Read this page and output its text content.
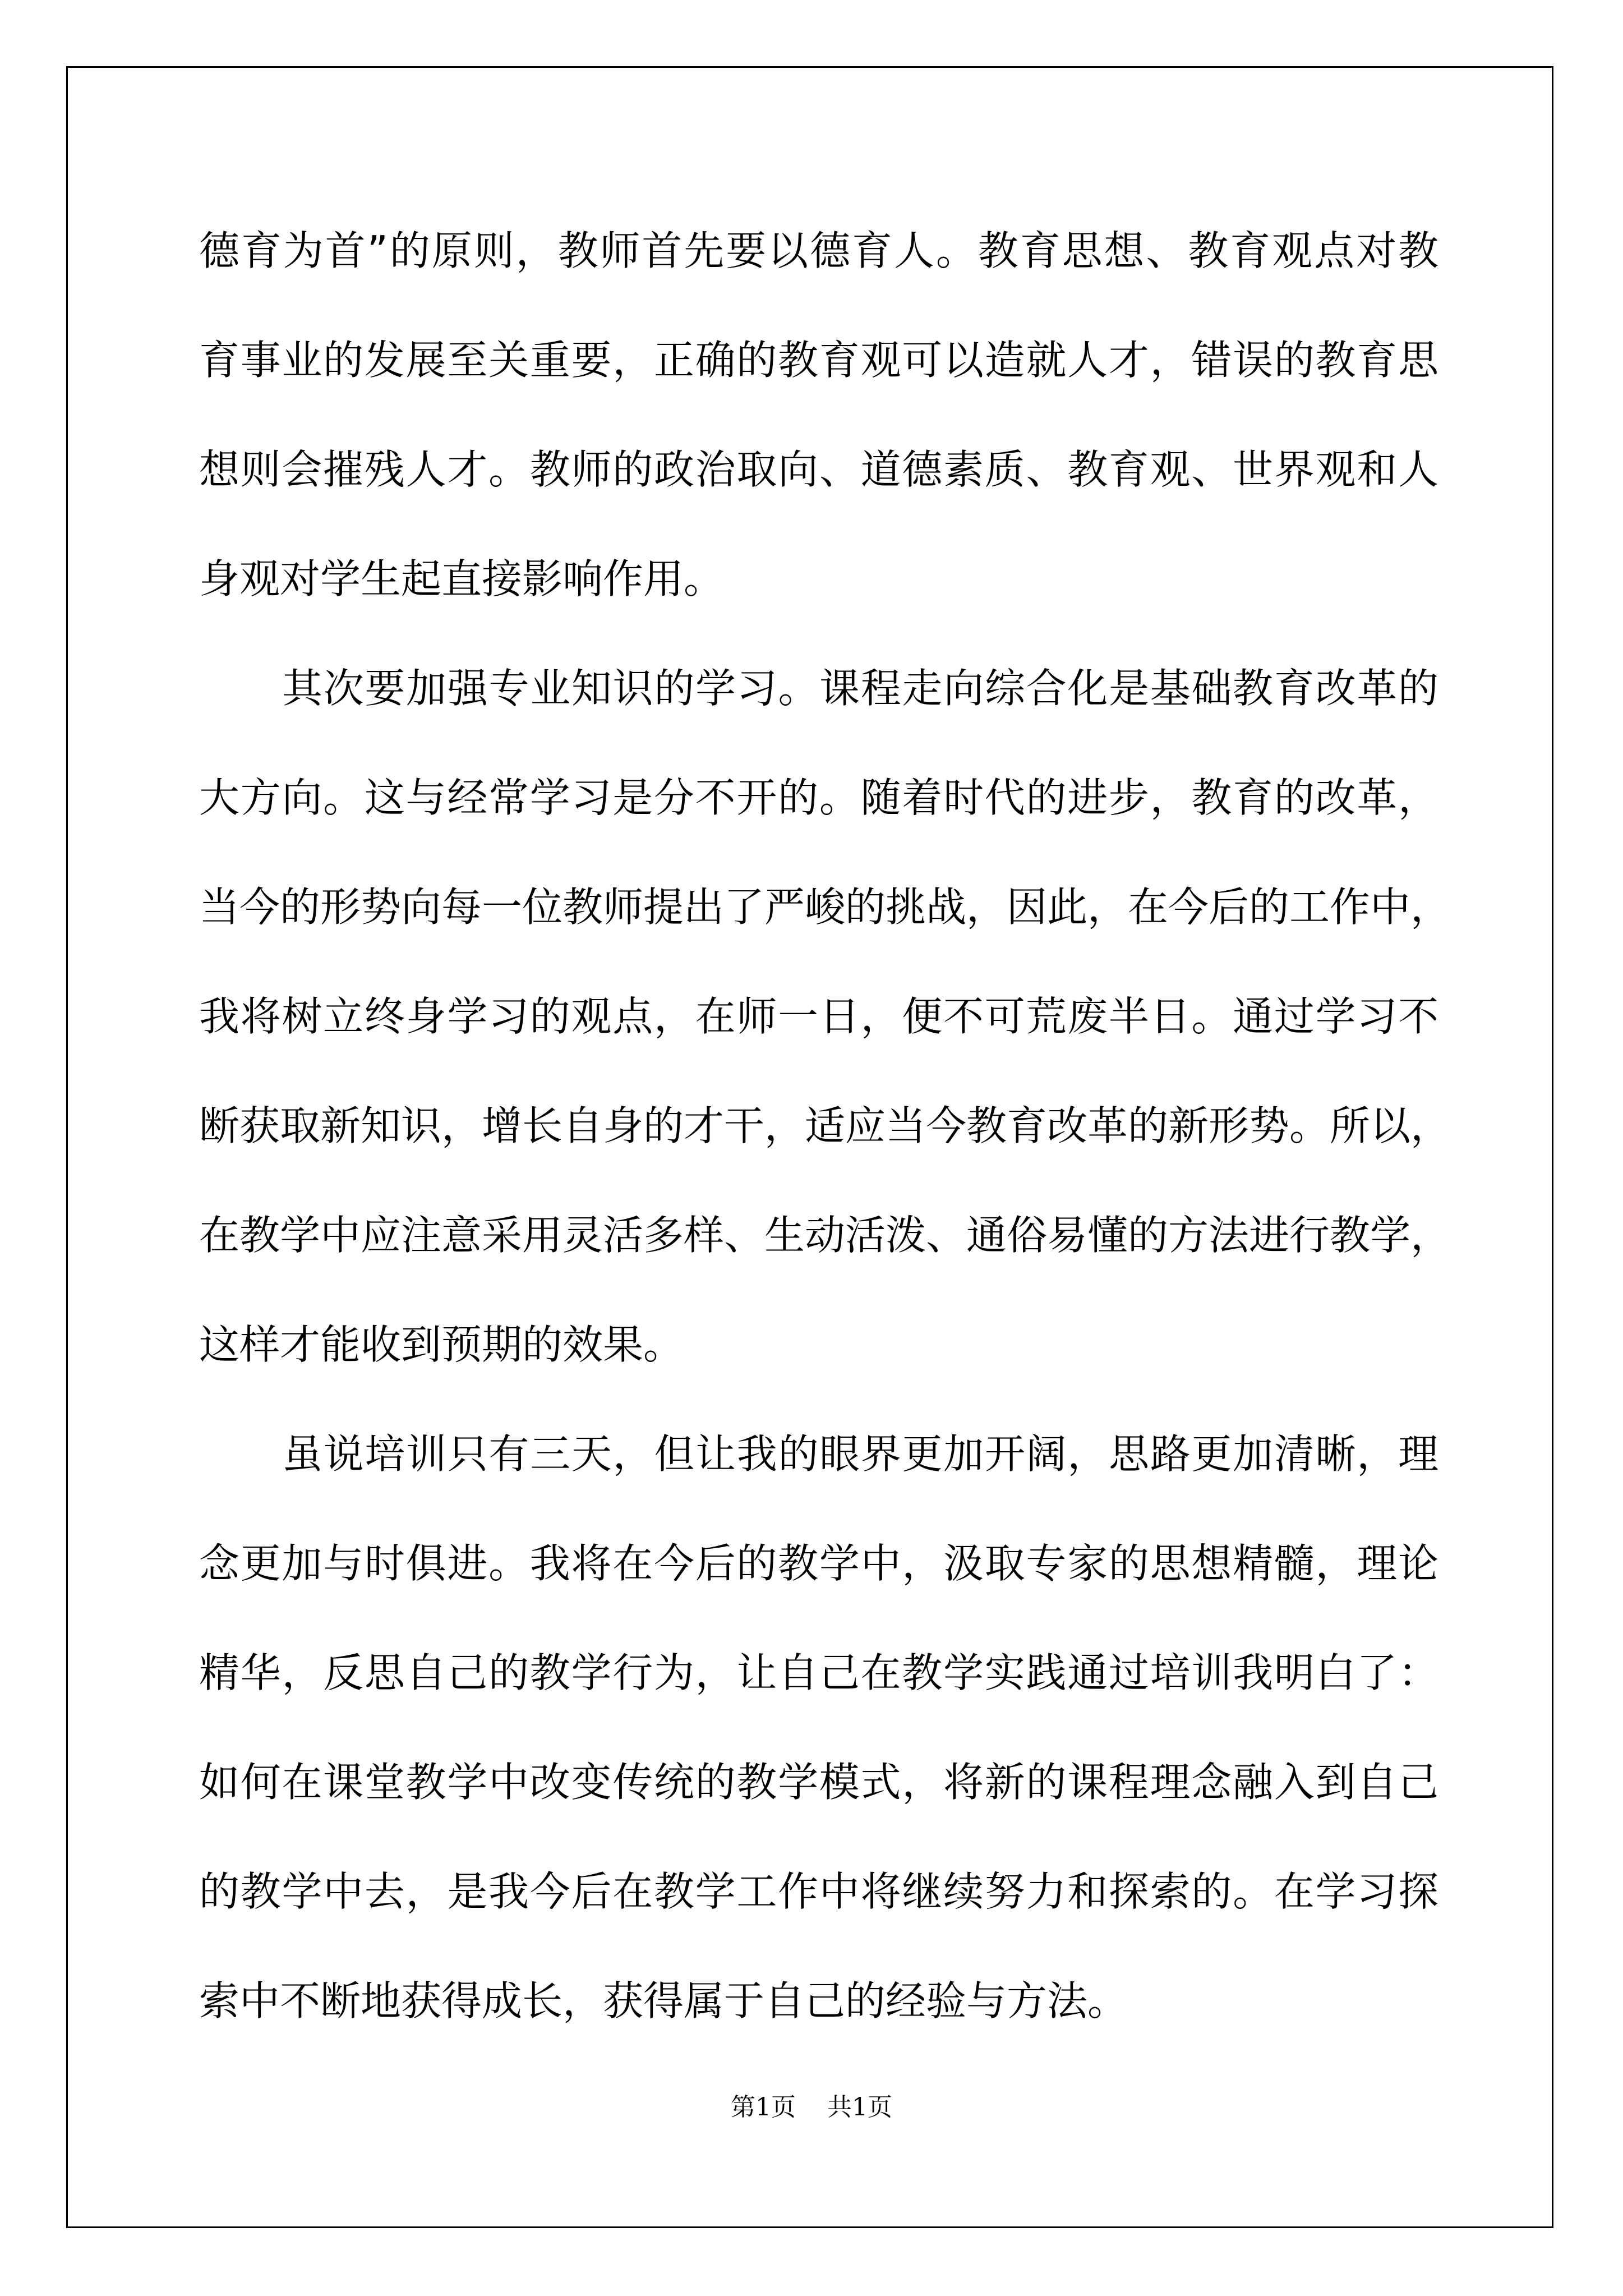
德育为首”的原则，教师首先要以德育人。教育思想、教育观点对教
育事业的发展至关重要，正确的教育观可以造就人才，错误的教育思
想则会摧残人才。教师的政治取向、道德素质、教育观、世界观和人
身观对学生起直接影响作用。
其次要加强专业知识的学习。课程走向综合化是基础教育改革的
大方向。这与经常学习是分不开的。随着时代的进步，教育的改革，
当今的形势向每一位教师提出了严峻的挑战，因此，在今后的工作中，
我将树立终身学习的观点，在师一日，便不可荒废半日。通过学习不
断获取新知识，增长自身的才干，适应当今教育改革的新形势。所以，
在教学中应注意采用灵活多样、生动活泼、通俗易懂的方法进行教学，
这样才能收到预期的效果。
虽说培训只有三天，但让我的眼界更加开阔，思路更加清晰，理
念更加与时俱进。我将在今后的教学中，汲取专家的思想精髓，理论
精华，反思自己的教学行为，让自己在教学实践通过培训我明白了：
如何在课堂教学中改变传统的教学模式，将新的课程理念融入到自己
的教学中去，是我今后在教学工作中将继续努力和探索的。在学习探
索中不断地获得成长，获得属于自己的经验与方法。
第1页 共1页
